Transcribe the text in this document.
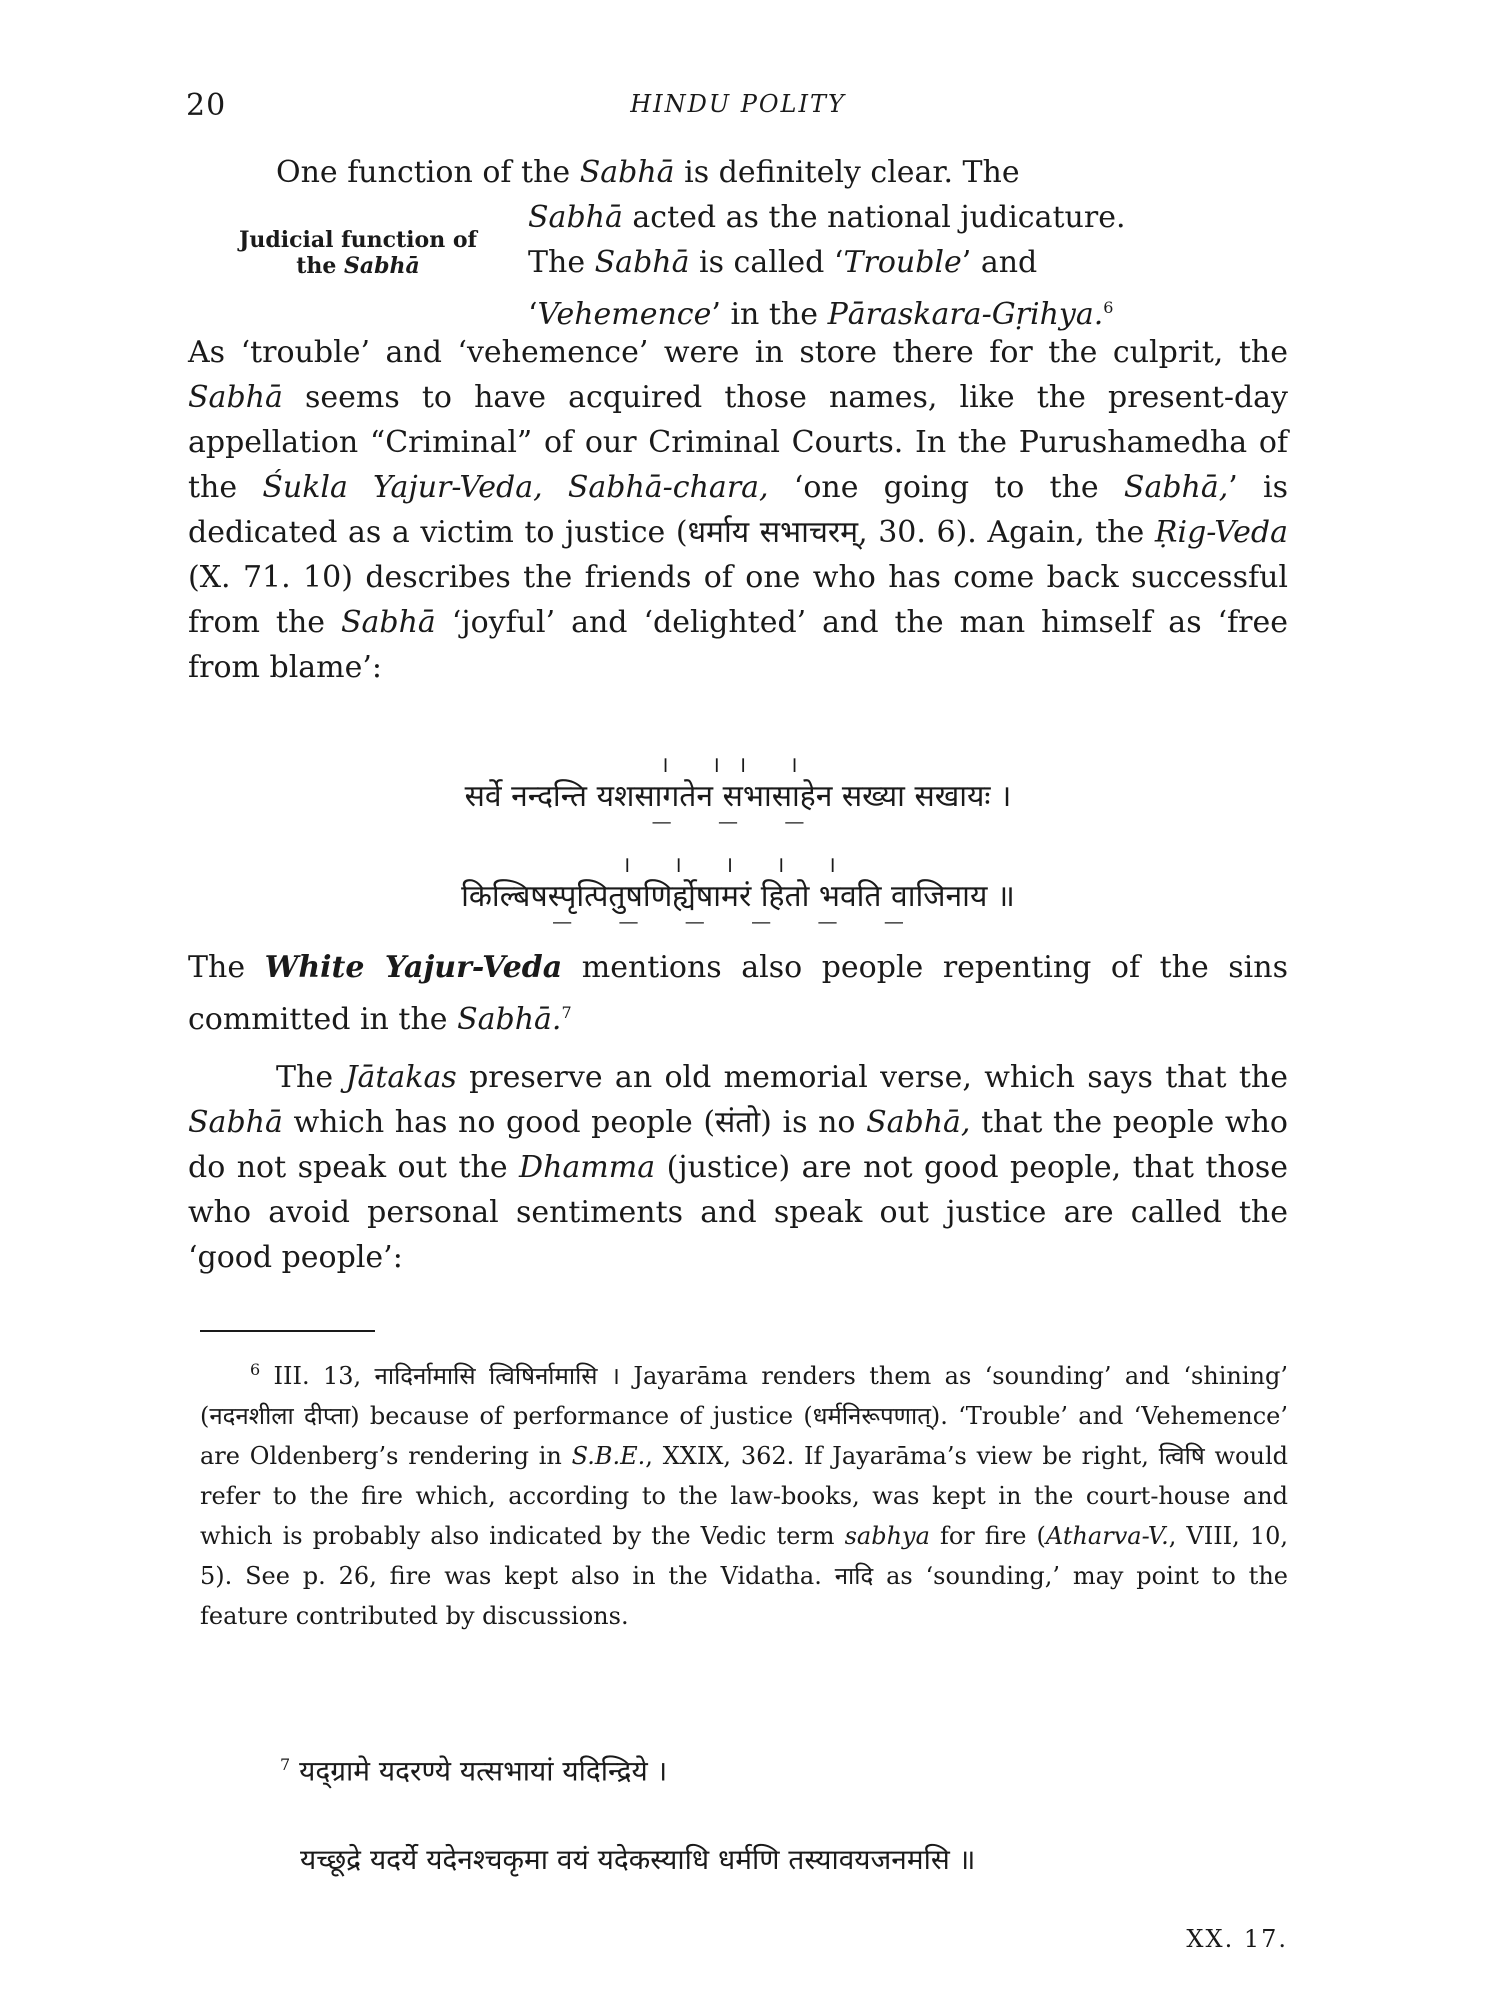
20	HINDU POLITY
One function of the Sabhā is definitely clear. The
Judicial function of the Sabhā
Sabhā acted as the national judicature.
The Sabhā is called ‘Trouble’ and
‘Vehemence’ in the Pāraskara-Gṛihya.$^6$
As ‘trouble’ and ‘vehemence’ were in store there for the culprit, the Sabhā seems to have acquired those names, like the present-day appellation “Criminal” of our Criminal Courts. In the Purushamedha of the Śukla Yajur-Veda, Sabhā-chara, ‘one going to the Sabhā,’ is dedicated as a victim to justice (धर्माय सभाचरम्, 30. 6). Again, the Ṛig-Veda (X. 71. 10) describes the friends of one who has come back successful from the Sabhā ‘joyful’ and ‘delighted’ and the man himself as ‘free from blame’:
। ।। ।
सर्वे नन्दन्ति यशसागतेन सभासाहेन सख्या सखायः ।
— — —
। । । । ।
किल्बिषस्पृत्पितुषणिर्ह्येषामरं हितो भवति वाजिनाय ॥
— — — — — —
The White Yajur-Veda mentions also people repenting of the sins committed in the Sabhā.$^7$
The Jātakas preserve an old memorial verse, which says that the Sabhā which has no good people (संतो) is no Sabhā, that the people who do not speak out the Dhamma (justice) are not good people, that those who avoid personal sentiments and speak out justice are called the ‘good people’:
$^6$ III. 13, नादिर्नामासि त्विषिर्नामासि । Jayarāma renders them as ‘sounding’ and ‘shining’ (नदनशीला दीप्ता) because of performance of justice (धर्मनिरूपणात्). ‘Trouble’ and ‘Vehemence’ are Oldenberg’s rendering in S.B.E., XXIX, 362. If Jayarāma’s view be right, त्विषि would refer to the fire which, according to the law-books, was kept in the court-house and which is probably also indicated by the Vedic term sabhya for fire (Atharva-V., VIII, 10, 5). See p. 26, fire was kept also in the Vidatha. नादि as ‘sounding,’ may point to the feature contributed by discussions.
$^7$ यद्ग्रामे यदरण्ये यत्सभायां यदिन्द्रिये ।
यच्छूद्रे यदर्ये यदेनश्चकृमा वयं यदेकस्याधि धर्मणि तस्यावयजनमसि ॥
XX. 17.
